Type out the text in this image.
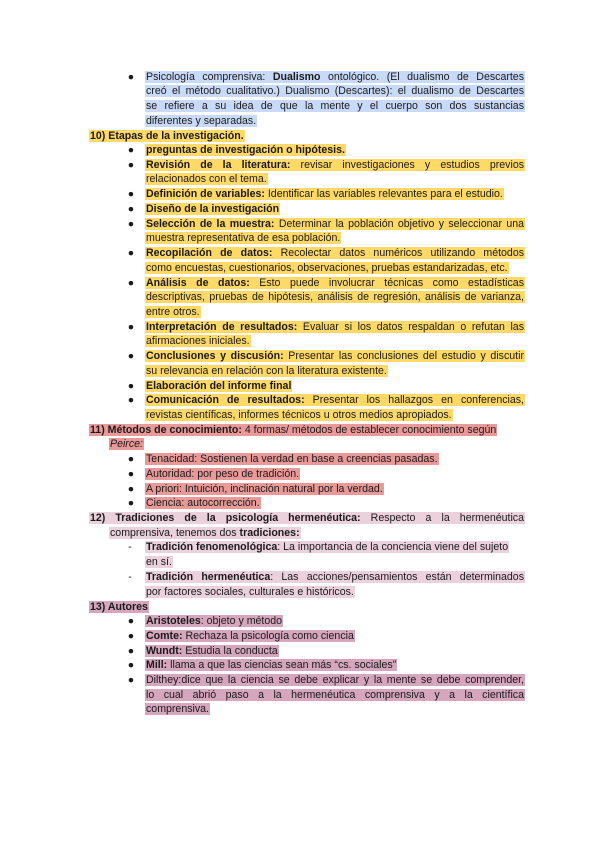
●	Psicología comprensiva: Dualismo ontológico. (El dualismo de Descartes
creó el método cualitativo.) Dualismo (Descartes): el dualismo de Descartes
se refiere a su idea de que la mente y el cuerpo son dos sustancias
diferentes y separadas.
10) Etapas de la investigación.
●	preguntas de investigación o hipótesis.
●	Revisión de la literatura: revisar investigaciones y estudios previos
relacionados con el tema.
●	Definición de variables: Identificar las variables relevantes para el estudio.
●	Diseño de la investigación
●	Selección de la muestra: Determinar la población objetivo y seleccionar una
muestra representativa de esa población.
●	Recopilación de datos: Recolectar datos numéricos utilizando métodos
como encuestas, cuestionarios, observaciones, pruebas estandarizadas, etc.
●	Análisis de datos: Esto puede involucrar técnicas como estadísticas
descriptivas, pruebas de hipótesis, análisis de regresión, análisis de varianza,
entre otros.
●	Interpretación de resultados: Evaluar si los datos respaldan o refutan las
afirmaciones iniciales.
●	Conclusiones y discusión: Presentar las conclusiones del estudio y discutir
su relevancia en relación con la literatura existente.
●	Elaboración del informe final
●	Comunicación de resultados: Presentar los hallazgos en conferencias,
revistas científicas, informes técnicos u otros medios apropiados.
11) Métodos de conocimiento: 4 formas/ métodos de establecer conocimiento según
Peirce:
●	Tenacidad: Sostienen la verdad en base a creencias pasadas.
●	Autoridad: por peso de tradición.
●	A priori: Intuición, inclinación natural por la verdad.
●	Ciencia: autocorrección.
12) Tradiciones de la psicología hermenéutica: Respecto a la hermenéutica
comprensiva, tenemos dos tradiciones:
-	Tradición fenomenológica: La importancia de la conciencia viene del sujeto
en sí.
-	Tradición hermenéutica: Las acciones/pensamientos están determinados
por factores sociales, culturales e históricos.
13) Autores
●	Aristoteles: objeto y método
●	Comte: Rechaza la psicología como ciencia
●	Wundt: Estudia la conducta
●	Mill: llama a que las ciencias sean más “cs. sociales”
●	Dilthey:dice que la ciencia se debe explicar y la mente se debe comprender,
lo cual abrió paso a la hermenéutica comprensiva y a la científica
comprensiva.
